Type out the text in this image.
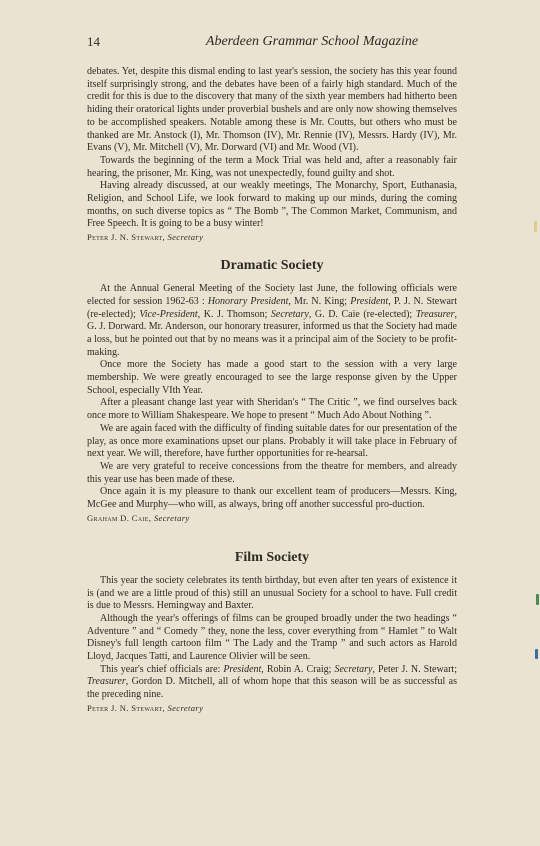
14	Aberdeen Grammar School Magazine

debates. Yet, despite this dismal ending to last year's session, the society has this year found itself surprisingly strong, and the debates have been of a fairly high standard. Much of the credit for this is due to the discovery that many of the sixth year members had hitherto been hiding their oratorical lights under proverbial bushels and are only now showing themselves to be accomplished speakers. Notable among these is Mr. Coutts, but others who must be thanked are Mr. Anstock (I), Mr. Thomson (IV), Mr. Rennie (IV), Messrs. Hardy (IV), Mr. Evans (V), Mr. Mitchell (V), Mr. Dorward (VI) and Mr. Wood (VI).

Towards the beginning of the term a Mock Trial was held and, after a reasonably fair hearing, the prisoner, Mr. King, was not unexpectedly, found guilty and shot.

Having already discussed, at our weakly meetings, The Monarchy, Sport, Euthanasia, Religion, and School Life, we look forward to making up our minds, during the coming months, on such diverse topics as “ The Bomb ”, The Common Market, Communism, and Free Speech. It is going to be a busy winter!

Peter J. N. Stewart, Secretary

Dramatic Society

At the Annual General Meeting of the Society last June, the following officials were elected for session 1962-63 : Honorary President, Mr. N. King; President, P. J. N. Stewart (re-elected); Vice-President, K. J. Thomson; Secretary, G. D. Caie (re-elected); Treasurer, G. J. Dorward. Mr. Anderson, our honorary treasurer, informed us that the Society had made a loss, but he pointed out that by no means was it a principal aim of the Society to be profit-making.

Once more the Society has made a good start to the session with a very large membership. We were greatly encouraged to see the large response given by the Upper School, especially VIth Year.

After a pleasant change last year with Sheridan's “ The Critic ”, we find ourselves back once more to William Shakespeare. We hope to present “ Much Ado About Nothing ”.

We are again faced with the difficulty of finding suitable dates for our presentation of the play, as once more examinations upset our plans. Probably it will take place in February of next year. We will, therefore, have further opportunities for re-hearsal.

We are very grateful to receive concessions from the theatre for members, and already this year use has been made of these.

Once again it is my pleasure to thank our excellent team of producers—Messrs. King, McGee and Murphy—who will, as always, bring off another successful pro-duction.

Graham D. Caie, Secretary

Film Society

This year the society celebrates its tenth birthday, but even after ten years of existence it is (and we are a little proud of this) still an unusual Society for a school to have. Full credit is due to Messrs. Hemingway and Baxter.

Although the year's offerings of films can be grouped broadly under the two headings “ Adventure ” and “ Comedy ” they, none the less, cover everything from “ Hamlet ” to Walt Disney's full length cartoon film “ The Lady and the Tramp ” and such actors as Harold Lloyd, Jacques Tatti, and Laurence Olivier will be seen.

This year's chief officials are: President, Robin A. Craig; Secretary, Peter J. N. Stewart; Treasurer, Gordon D. Mitchell, all of whom hope that this season will be as successful as the preceding nine.

Peter J. N. Stewart, Secretary
